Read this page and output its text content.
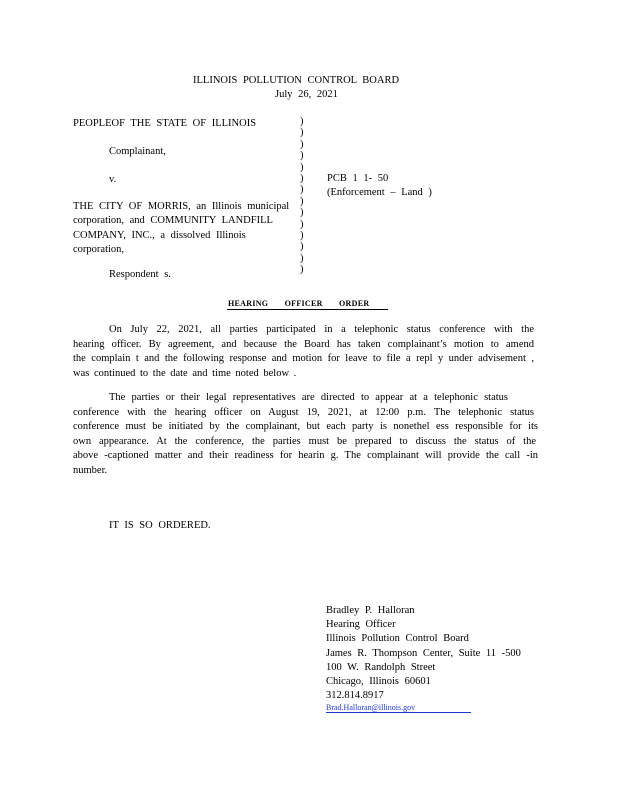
ILLINOIS POLLUTION CONTROL BOARD
July 26, 2021
PEOPLEOF THE STATE OF ILLINOIS
Complainant,
v.
THE CITY OF MORRIS, an Illinois municipal
corporation, and COMMUNITY LANDFILL
COMPANY, INC., a dissolved Illinois
corporation,
Respondent s.
)
)
)
)
)
)
)
)
)
)
)
)
)
)
PCB 1 1- 50
(Enforcement – Land )
HEARING OFFICER ORDER
On July 22, 2021, all parties participated in a telephonic status conference with the
hearing officer. By agreement, and because the Board has taken complainant’s motion to amend
the complain t and the following response and motion for leave to file a repl y under advisement ,
was continued to the date and time noted below .
The parties or their legal representatives are directed to appear at a telephonic status
conference with the hearing officer on August 19, 2021, at 12:00 p.m. The telephonic status
conference must be initiated by the complainant, but each party is nonethel ess responsible for its
own appearance. At the conference, the parties must be prepared to discuss the status of the
above -captioned matter and their readiness for hearin g. The complainant will provide the call -in
number.
IT IS SO ORDERED.
Bradley P. Halloran
Hearing Officer
Illinois Pollution Control Board
James R. Thompson Center, Suite 11 -500
100 W. Randolph Street
Chicago, Illinois 60601
312.814.8917
Brad.Halloran@illinois.gov
